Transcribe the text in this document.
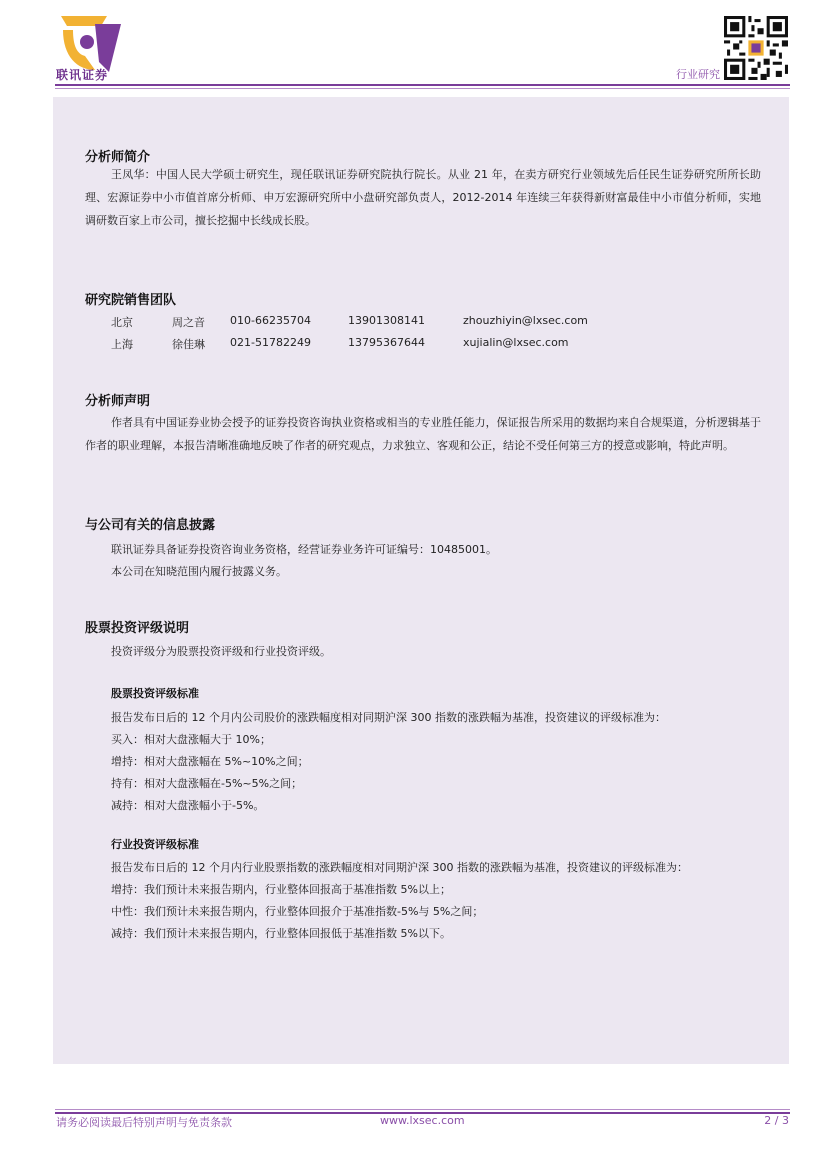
联讯证券	行业研究
分析师简介
王凤华：中国人民大学硕士研究生，现任联讯证券研究院执行院长。从业 21 年，在卖方研究行业领域先后任民生证券研究所所长助理、宏源证券中小市值首席分析师、申万宏源研究所中小盘研究部负责人，2012-2014 年连续三年获得新财富最佳中小市值分析师，实地调研数百家上市公司，擅长挖掘中长线成长股。
研究院销售团队
北京	周之音 010-66235704	13901308141	zhouzhiyin@lxsec.com
上海	徐佳琳 021-51782249	13795367644	xujialin@lxsec.com
分析师声明
作者具有中国证券业协会授予的证券投资咨询执业资格或相当的专业胜任能力，保证报告所采用的数据均来自合规渠道，分析逻辑基于作者的职业理解，本报告清晰准确地反映了作者的研究观点，力求独立、客观和公正，结论不受任何第三方的授意或影响，特此声明。
与公司有关的信息披露
联讯证券具备证券投资咨询业务资格，经营证券业务许可证编号：10485001。
本公司在知晓范围内履行披露义务。
股票投资评级说明
投资评级分为股票投资评级和行业投资评级。
股票投资评级标准
报告发布日后的 12 个月内公司股价的涨跌幅度相对同期沪深 300 指数的涨跌幅为基准，投资建议的评级标准为：
买入：相对大盘涨幅大于 10%；
增持：相对大盘涨幅在 5%~10%之间；
持有：相对大盘涨幅在-5%~5%之间；
减持：相对大盘涨幅小于-5%。
行业投资评级标准
报告发布日后的 12 个月内行业股票指数的涨跌幅度相对同期沪深 300 指数的涨跌幅为基准，投资建议的评级标准为：
增持：我们预计未来报告期内，行业整体回报高于基准指数 5%以上；
中性：我们预计未来报告期内，行业整体回报介于基准指数-5%与 5%之间；
减持：我们预计未来报告期内，行业整体回报低于基准指数 5%以下。
请务必阅读最后特别声明与免责条款	www.lxsec.com	2 / 3
